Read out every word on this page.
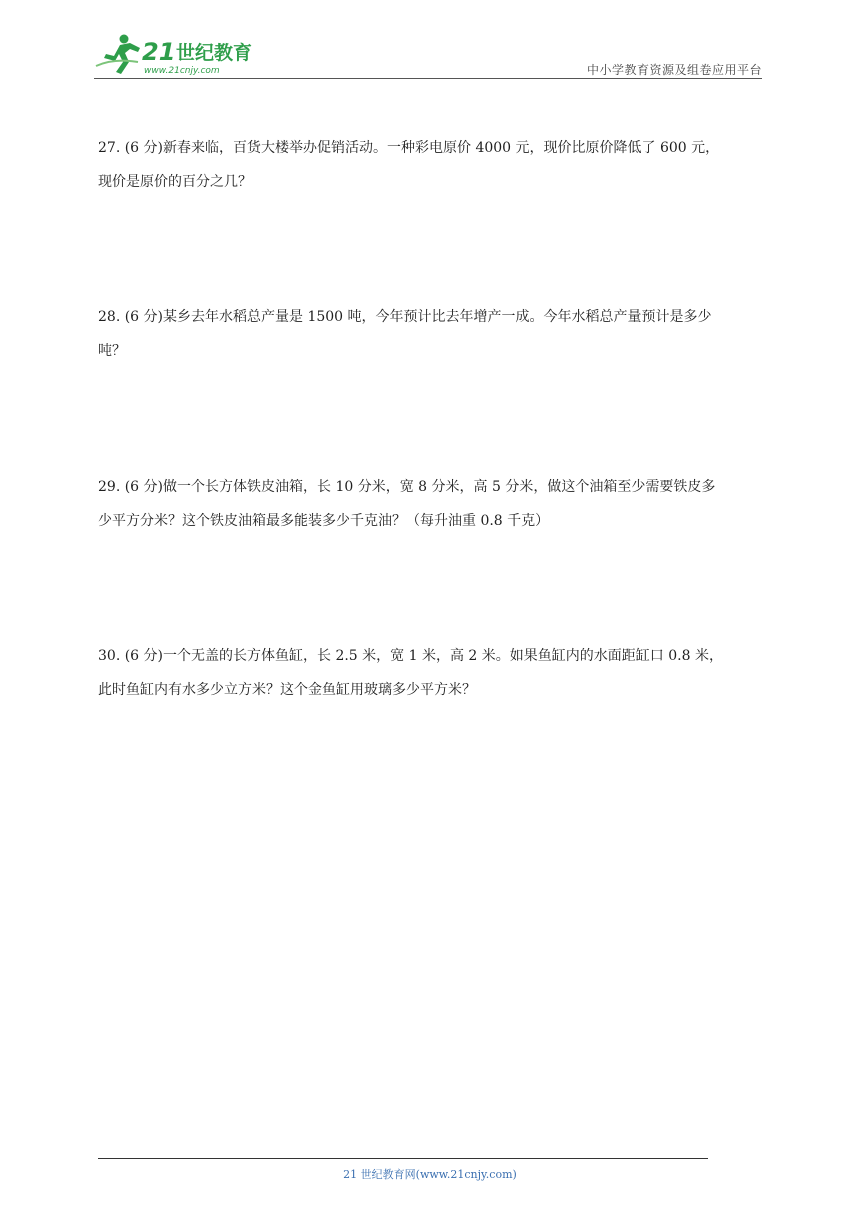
21 世纪教育
www.21cnjy.com	中小学教育资源及组卷应用平台

27. (6 分)新春来临，百货大楼举办促销活动。一种彩电原价 4000 元，现价比原价降低了 600 元，

现价是原价的百分之几？

28. (6 分)某乡去年水稻总产量是 1500 吨，今年预计比去年增产一成。今年水稻总产量预计是多少

吨？

29. (6 分)做一个长方体铁皮油箱，长 10 分米，宽 8 分米，高 5 分米，做这个油箱至少需要铁皮多

少平方分米？这个铁皮油箱最多能装多少千克油？（每升油重 0.8 千克）

30. (6 分)一个无盖的长方体鱼缸，长 2.5 米，宽 1 米，高 2 米。如果鱼缸内的水面距缸口 0.8 米，

此时鱼缸内有水多少立方米？这个金鱼缸用玻璃多少平方米？

21 世纪教育网(www.21cnjy.com)
